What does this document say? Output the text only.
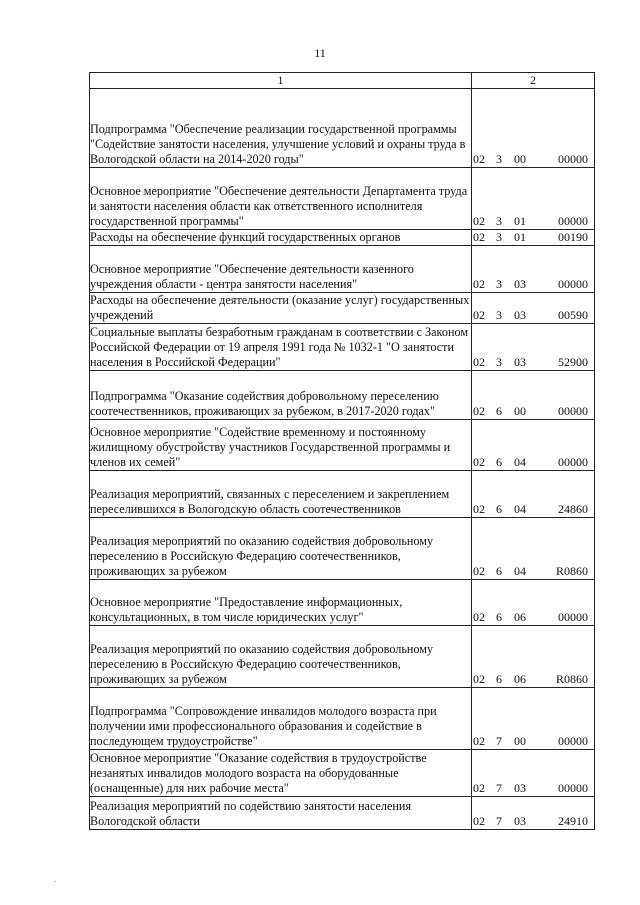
11
1	2
Подпрограмма "Обеспечение реализации государственной программы "Содействие занятости населения, улучшение условий и охраны труда в Вологодской области на 2014-2020 годы"	02 3 00 00000
Основное мероприятие "Обеспечение деятельности Департамента труда и занятости населения области как ответственного исполнителя государственной программы"	02 3 01 00000
Расходы на обеспечение функций государственных органов	02 3 01 00190
Основное мероприятие "Обеспечение деятельности казенного учреждения области - центра занятости населения"	02 3 03 00000
Расходы на обеспечение деятельности (оказание услуг) государственных учреждений	02 3 03 00590
Социальные выплаты безработным гражданам в соответствии с Законом Российской Федерации от 19 апреля 1991 года № 1032-1 "О занятости населения в Российской Федерации"	02 3 03 52900
Подпрограмма "Оказание содействия добровольному переселению соотечественников, проживающих за рубежом, в 2017-2020 годах"	02 6 00 00000
Основное мероприятие "Содействие временному и постоянному жилищному обустройству участников Государственной программы и членов их семей"	02 6 04 00000
Реализация мероприятий, связанных с переселением и закреплением переселившихся в Вологодскую область соотечественников	02 6 04 24860
Реализация мероприятий по оказанию содействия добровольному переселению в Российскую Федерацию соотечественников, проживающих за рубежом	02 6 04 R0860
Основное мероприятие "Предоставление информационных, консультационных, в том числе юридических услуг"	02 6 06 00000
Реализация мероприятий по оказанию содействия добровольному переселению в Российскую Федерацию соотечественников, проживающих за рубежом	02 6 06 R0860
Подпрограмма "Сопровождение инвалидов молодого возраста при получении ими профессионального образования и содействие в последующем трудоустройстве"	02 7 00 00000
Основное мероприятие "Оказание содействия в трудоустройстве незанятых инвалидов молодого возраста на оборудованные (оснащенные) для них рабочие места"	02 7 03 00000
Реализация мероприятий по содействию занятости населения Вологодской области	02 7 03 24910
.
